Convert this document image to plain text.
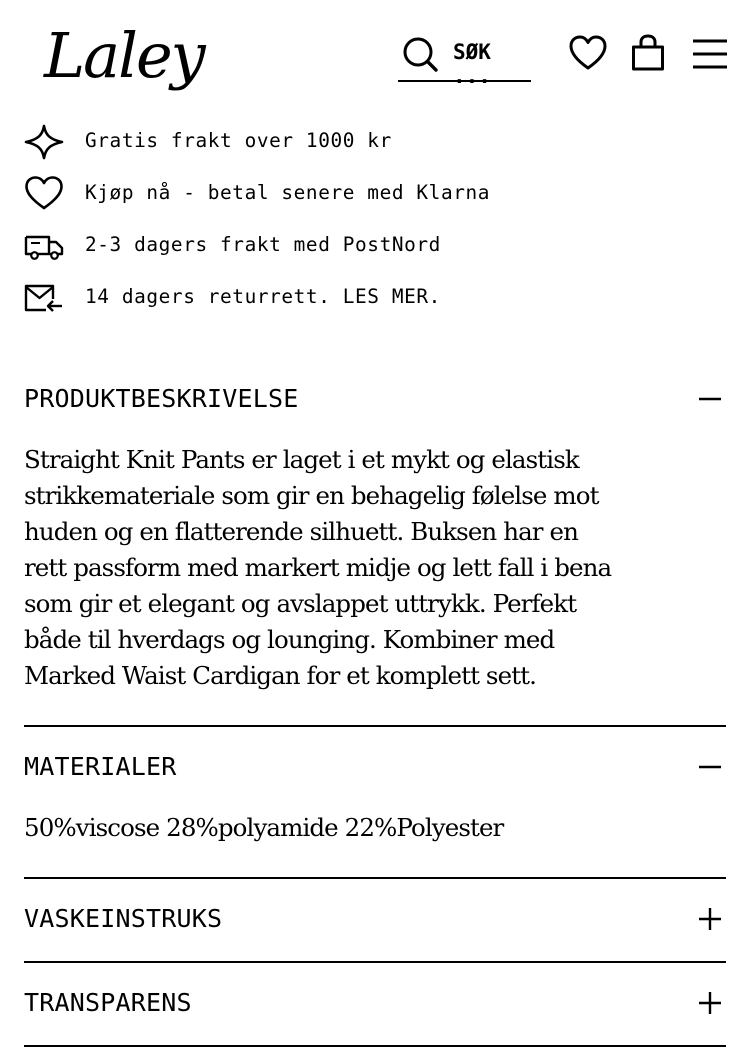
Laley	SØK ...
Gratis frakt over 1000 kr
Kjøp nå - betal senere med Klarna
2-3 dagers frakt med PostNord
14 dagers returrett. LES MER.
PRODUKTBESKRIVELSE
Straight Knit Pants er laget i et mykt og elastisk
strikkemateriale som gir en behagelig følelse mot
huden og en flatterende silhuett. Buksen har en
rett passform med markert midje og lett fall i bena
som gir et elegant og avslappet uttrykk. Perfekt
både til hverdags og lounging. Kombiner med
Marked Waist Cardigan for et komplett sett.
MATERIALER
50%viscose 28%polyamide 22%Polyester
VASKEINSTRUKS
TRANSPARENS
